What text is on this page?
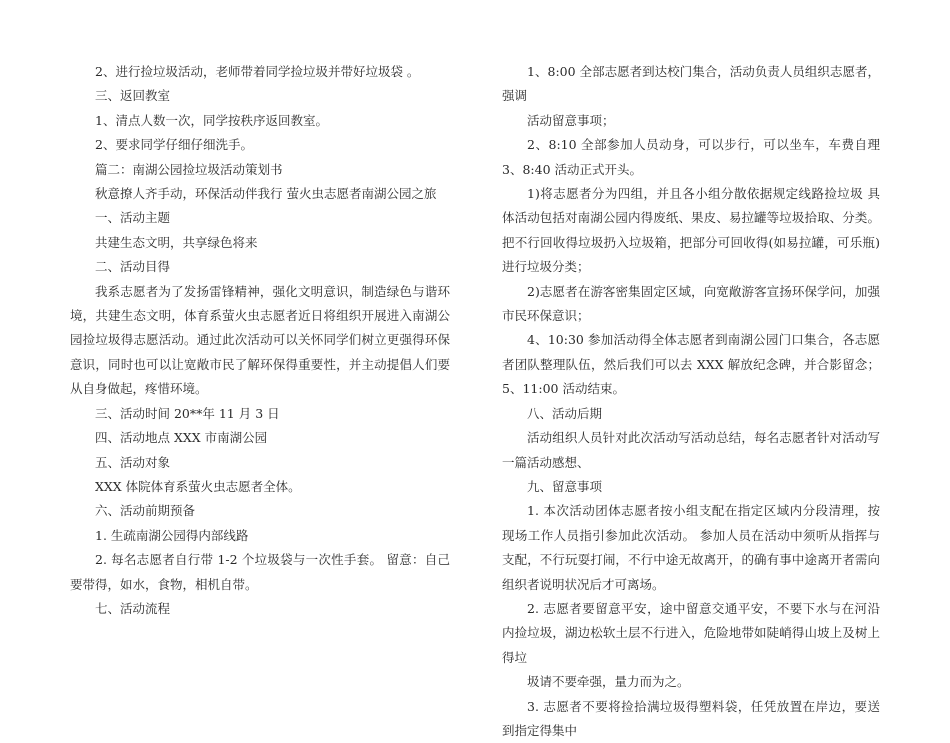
2、进行捡垃圾活动，老师带着同学捡垃圾并带好垃圾袋 。

三、返回教室

1、清点人数一次，同学按秩序返回教室。

2、要求同学仔细仔细洗手。

篇二：南湖公园捡垃圾活动策划书

秋意撩人齐手动，环保活动伴我行 萤火虫志愿者南湖公园之旅

一、活动主题

共建生态文明，共享绿色将来

二、活动目得

我系志愿者为了发扬雷锋精神，强化文明意识，制造绿色与谐环境，共建生态文明，体育系萤火虫志愿者近日将组织开展进入南湖公园捡垃圾得志愿活动。通过此次活动可以关怀同学们树立更强得环保意识，同时也可以让宽敞市民了解环保得重要性，并主动提倡人们要从自身做起，疼惜环境。

三、活动时间 20**年 11 月 3 日

四、活动地点 XXX 市南湖公园

五、活动对象

XXX 体院体育系萤火虫志愿者全体。

六、活动前期预备

1. 生疏南湖公园得内部线路

2. 每名志愿者自行带 1-2 个垃圾袋与一次性手套。 留意：自己要带得，如水，食物，相机自带。

七、活动流程

1、8:00 全部志愿者到达校门集合，活动负责人员组织志愿者，强调

活动留意事项；

2、8:10 全部参加人员动身，可以步行，可以坐车，车费自理 3、8:40 活动正式开头。

1)将志愿者分为四组，并且各小组分散依据规定线路捡垃圾 具体活动包括对南湖公园内得废纸、果皮、易拉罐等垃圾拾取、分类。把不行回收得垃圾扔入垃圾箱，把部分可回收得(如易拉罐，可乐瓶)进行垃圾分类；

2)志愿者在游客密集固定区域，向宽敞游客宣扬环保学问，加强市民环保意识；

4、10:30 参加活动得全体志愿者到南湖公园门口集合，各志愿者团队整理队伍，然后我们可以去 XXX 解放纪念碑，并合影留念； 5、11:00 活动结束。

八、活动后期

活动组织人员针对此次活动写活动总结，每名志愿者针对活动写一篇活动感想、

九、留意事项

1. 本次活动团体志愿者按小组支配在指定区域内分段清理，按现场工作人员指引参加此次活动。 参加人员在活动中须听从指挥与支配，不行玩耍打闹，不行中途无故离开，的确有事中途离开者需向组织者说明状况后才可离场。

2. 志愿者要留意平安，途中留意交通平安，不要下水与在河沿内捡垃圾，湖边松软土层不行进入，危险地带如陡峭得山坡上及树上得垃

圾请不要牵强，量力而为之。

3. 志愿者不要将捡拾满垃圾得塑料袋，任凭放置在岸边，要送到指定得集中
